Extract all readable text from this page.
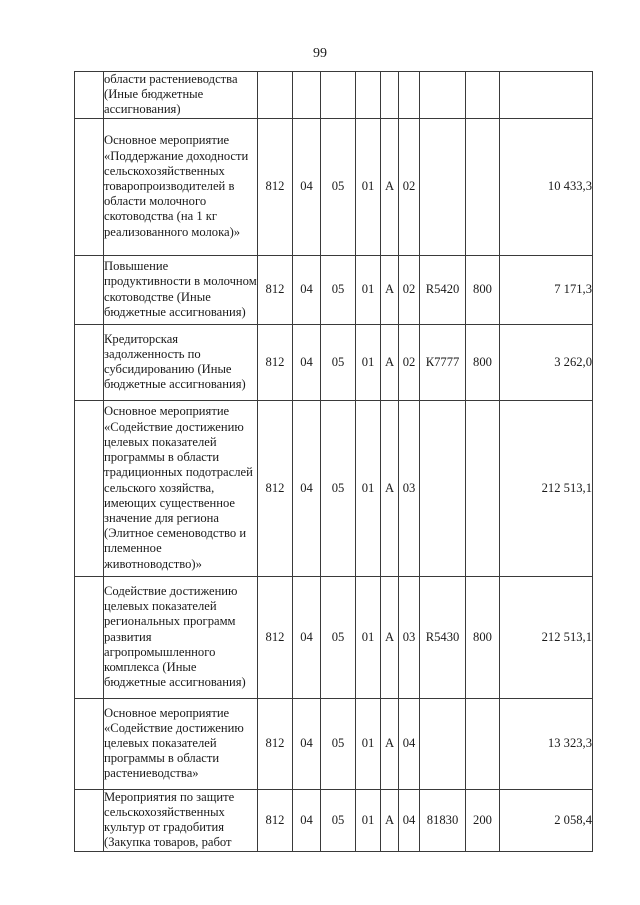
99
	области растениеводства (Иные бюджетные ассигнования)									
	Основное мероприятие «Поддержание доходности сельскохозяйственных товаропроизводителей в области молочного скотоводства (на 1 кг реализованного молока)»	812	04	05	01	А	02			10 433,3
	Повышение продуктивности в молочном скотоводстве (Иные бюджетные ассигнования)	812	04	05	01	А	02	R5420	800	7 171,3
	Кредиторская задолженность по субсидированию (Иные бюджетные ассигнования)	812	04	05	01	А	02	К7777	800	3 262,0
	Основное мероприятие «Содействие достижению целевых показателей программы в области традиционных подотраслей сельского хозяйства, имеющих существенное значение для региона (Элитное семеноводство и племенное животноводство)»	812	04	05	01	А	03			212 513,1
	Содействие достижению целевых показателей региональных программ развития агропромышленного комплекса (Иные бюджетные ассигнования)	812	04	05	01	А	03	R5430	800	212 513,1
	Основное мероприятие «Содействие достижению целевых показателей программы в области растениеводства»	812	04	05	01	А	04			13 323,3
	Мероприятия по защите сельскохозяйственных культур от градобития (Закупка товаров, работ	812	04	05	01	А	04	81830	200	2 058,4
